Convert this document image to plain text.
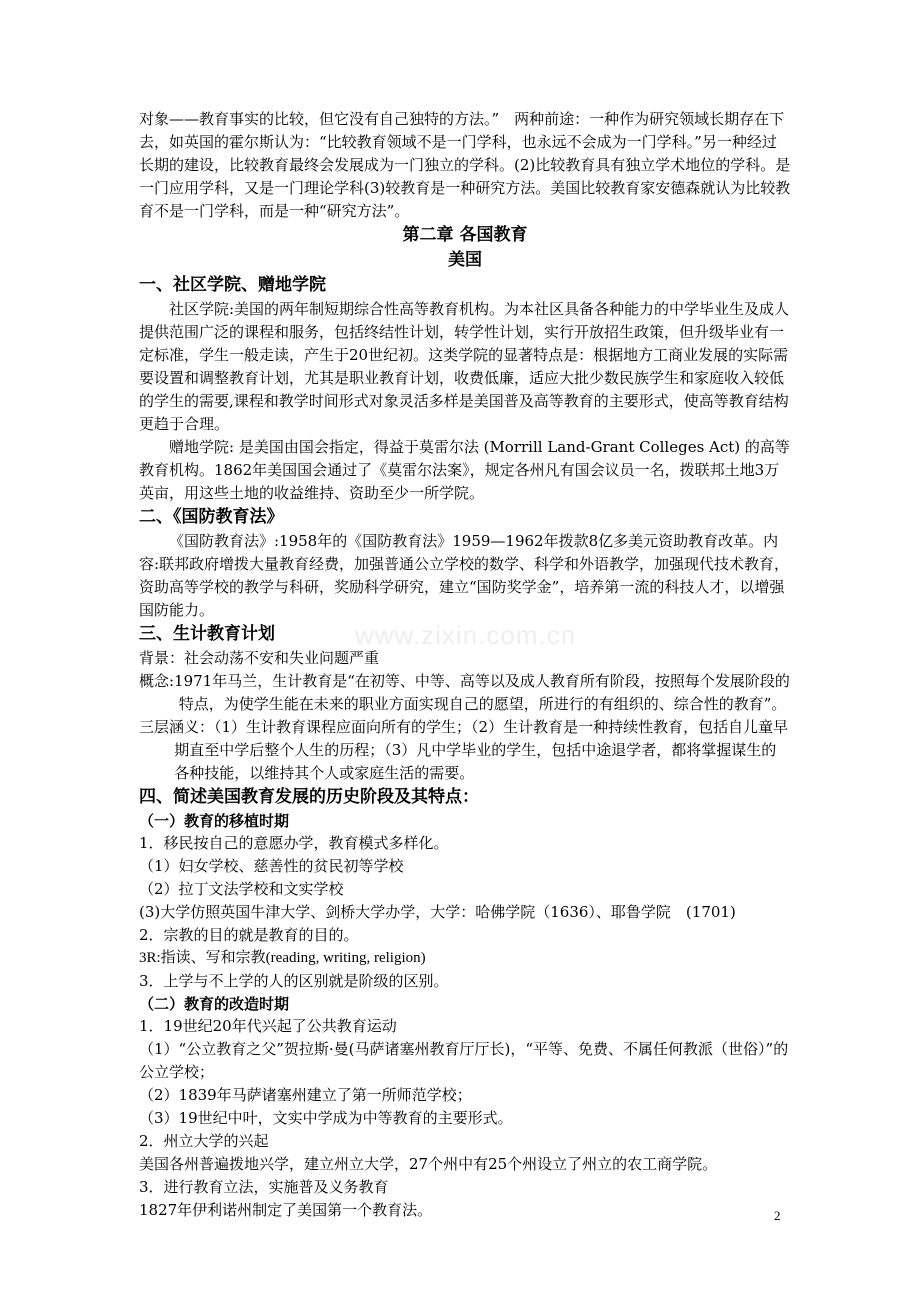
www.zixin.com.cn

对象——教育事实的比较，但它没有自己独特的方法。”　两种前途：一种作为研究领域长期存在下去，如英国的霍尔斯认为：“比较教育领域不是一门学科，也永远不会成为一门学科。”另一种经过长期的建设，比较教育最终会发展成为一门独立的学科。(2)比较教育具有独立学术地位的学科。是一门应用学科，又是一门理论学科(3)较教育是一种研究方法。美国比较教育家安德森就认为比较教育不是一门学科，而是一种“研究方法”。

第二章 各国教育

美国

一、社区学院、赠地学院

社区学院:美国的两年制短期综合性高等教育机构。为本社区具备各种能力的中学毕业生及成人提供范围广泛的课程和服务，包括终结性计划，转学性计划，实行开放招生政策，但升级毕业有一定标准，学生一般走读，产生于20世纪初。这类学院的显著特点是：根据地方工商业发展的实际需要设置和调整教育计划，尤其是职业教育计划，收费低廉，适应大批少数民族学生和家庭收入较低的学生的需要,课程和教学时间形式对象灵活多样是美国普及高等教育的主要形式，使高等教育结构更趋于合理。

赠地学院: 是美国由国会指定，得益于莫雷尔法 (Morrill Land-Grant Colleges Act) 的高等教育机构。1862年美国国会通过了《莫雷尔法案》，规定各州凡有国会议员一名，拨联邦土地3万英亩，用这些土地的收益维持、资助至少一所学院。

二、《国防教育法》

《国防教育法》:1958年的《国防教育法》1959—1962年拨款8亿多美元资助教育改革。内容:联邦政府增拨大量教育经费，加强普通公立学校的数学、科学和外语教学，加强现代技术教育，资助高等学校的教学与科研，奖励科学研究，建立“国防奖学金”，培养第一流的科技人才，以增强国防能力。

三、生计教育计划

背景：社会动荡不安和失业问题严重

概念:1971年马兰，生计教育是“在初等、中等、高等以及成人教育所有阶段，按照每个发展阶段的特点，为使学生能在未来的职业方面实现自己的愿望，所进行的有组织的、综合性的教育”。

三层涵义：（1）生计教育课程应面向所有的学生；（2）生计教育是一种持续性教育，包括自儿童早期直至中学后整个人生的历程；（3）凡中学毕业的学生，包括中途退学者，都将掌握谋生的各种技能，以维持其个人或家庭生活的需要。

四、简述美国教育发展的历史阶段及其特点：

（一）教育的移植时期

1．移民按自己的意愿办学，教育模式多样化。

（1）妇女学校、慈善性的贫民初等学校

（2）拉丁文法学校和文实学校

(3)大学仿照英国牛津大学、剑桥大学办学，大学：哈佛学院（1636）、耶鲁学院　(1701)

2．宗教的目的就是教育的目的。

3R:指读、写和宗教(reading, writing, religion)

3．上学与不上学的人的区别就是阶级的区别。

（二）教育的改造时期

1．19世纪20年代兴起了公共教育运动

（1）“公立教育之父”贺拉斯·曼(马萨诸塞州教育厅厅长)，“平等、免费、不属任何教派（世俗）”的公立学校；

（2）1839年马萨诸塞州建立了第一所师范学校；

（3）19世纪中叶，文实中学成为中等教育的主要形式。

2．州立大学的兴起

美国各州普遍拨地兴学，建立州立大学，27个州中有25个州设立了州立的农工商学院。

3．进行教育立法，实施普及义务教育

1827年伊利诺州制定了美国第一个教育法。	2
